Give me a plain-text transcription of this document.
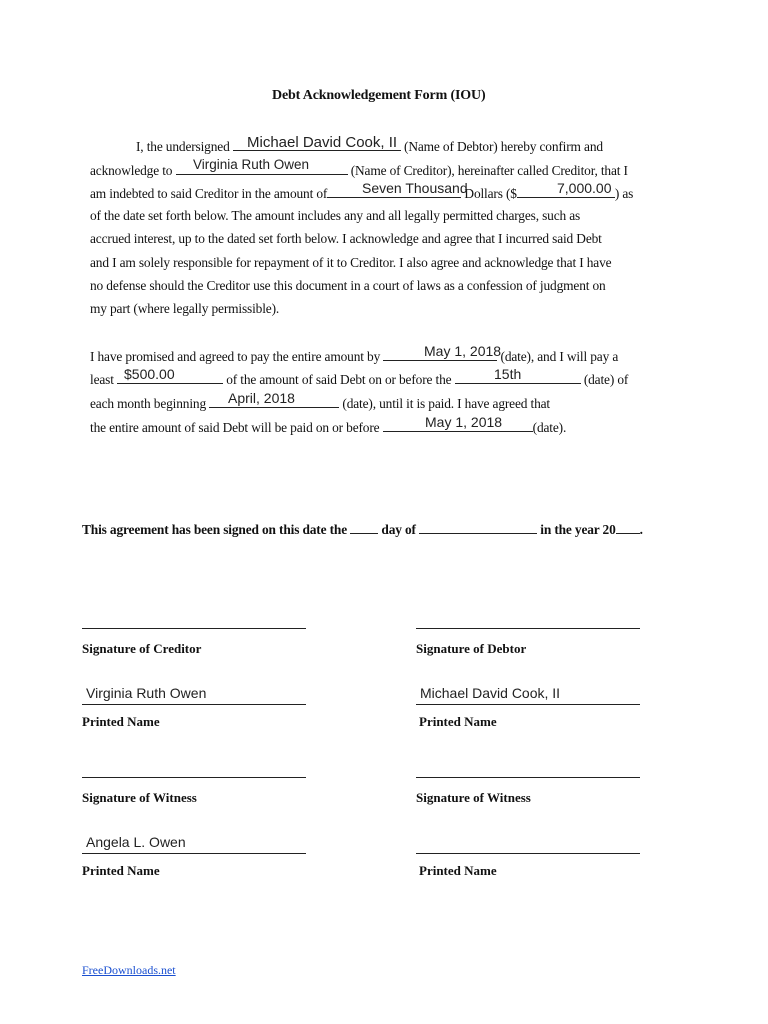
Debt Acknowledgement Form (IOU)
I, the undersigned	(Name of Debtor) hereby confirm and
Michael David Cook, II
acknowledge to	(Name of Creditor), hereinafter called Creditor, that I
Virginia Ruth Owen
am indebted to said Creditor in the amount of	Dollars ($	) as
Seven Thousand	7,000.00
of the date set forth below. The amount includes any and all legally permitted charges, such as
accrued interest, up to the dated set forth below. I acknowledge and agree that I incurred said Debt
and I am solely responsible for repayment of it to Creditor. I also agree and acknowledge that I have
no defense should the Creditor use this document in a court of laws as a confession of judgment on
my part (where legally permissible).
I have promised and agreed to pay the entire amount by	(date), and I will pay a
May 1, 2018
least	of the amount of said Debt on or before the	(date) of
$500.00	15th
each month beginning	(date), until it is paid. I have agreed that
April, 2018
the entire amount of said Debt will be paid on or before	(date).
May 1, 2018
This agreement has been signed on this date the	day of	in the year 20 .
Signature of Creditor
Virginia Ruth Owen
Printed Name
Signature of Witness
Angela L. Owen
Printed Name
Signature of Debtor
Michael David Cook, II
Printed Name
Signature of Witness
Printed Name
FreeDownloads.net
